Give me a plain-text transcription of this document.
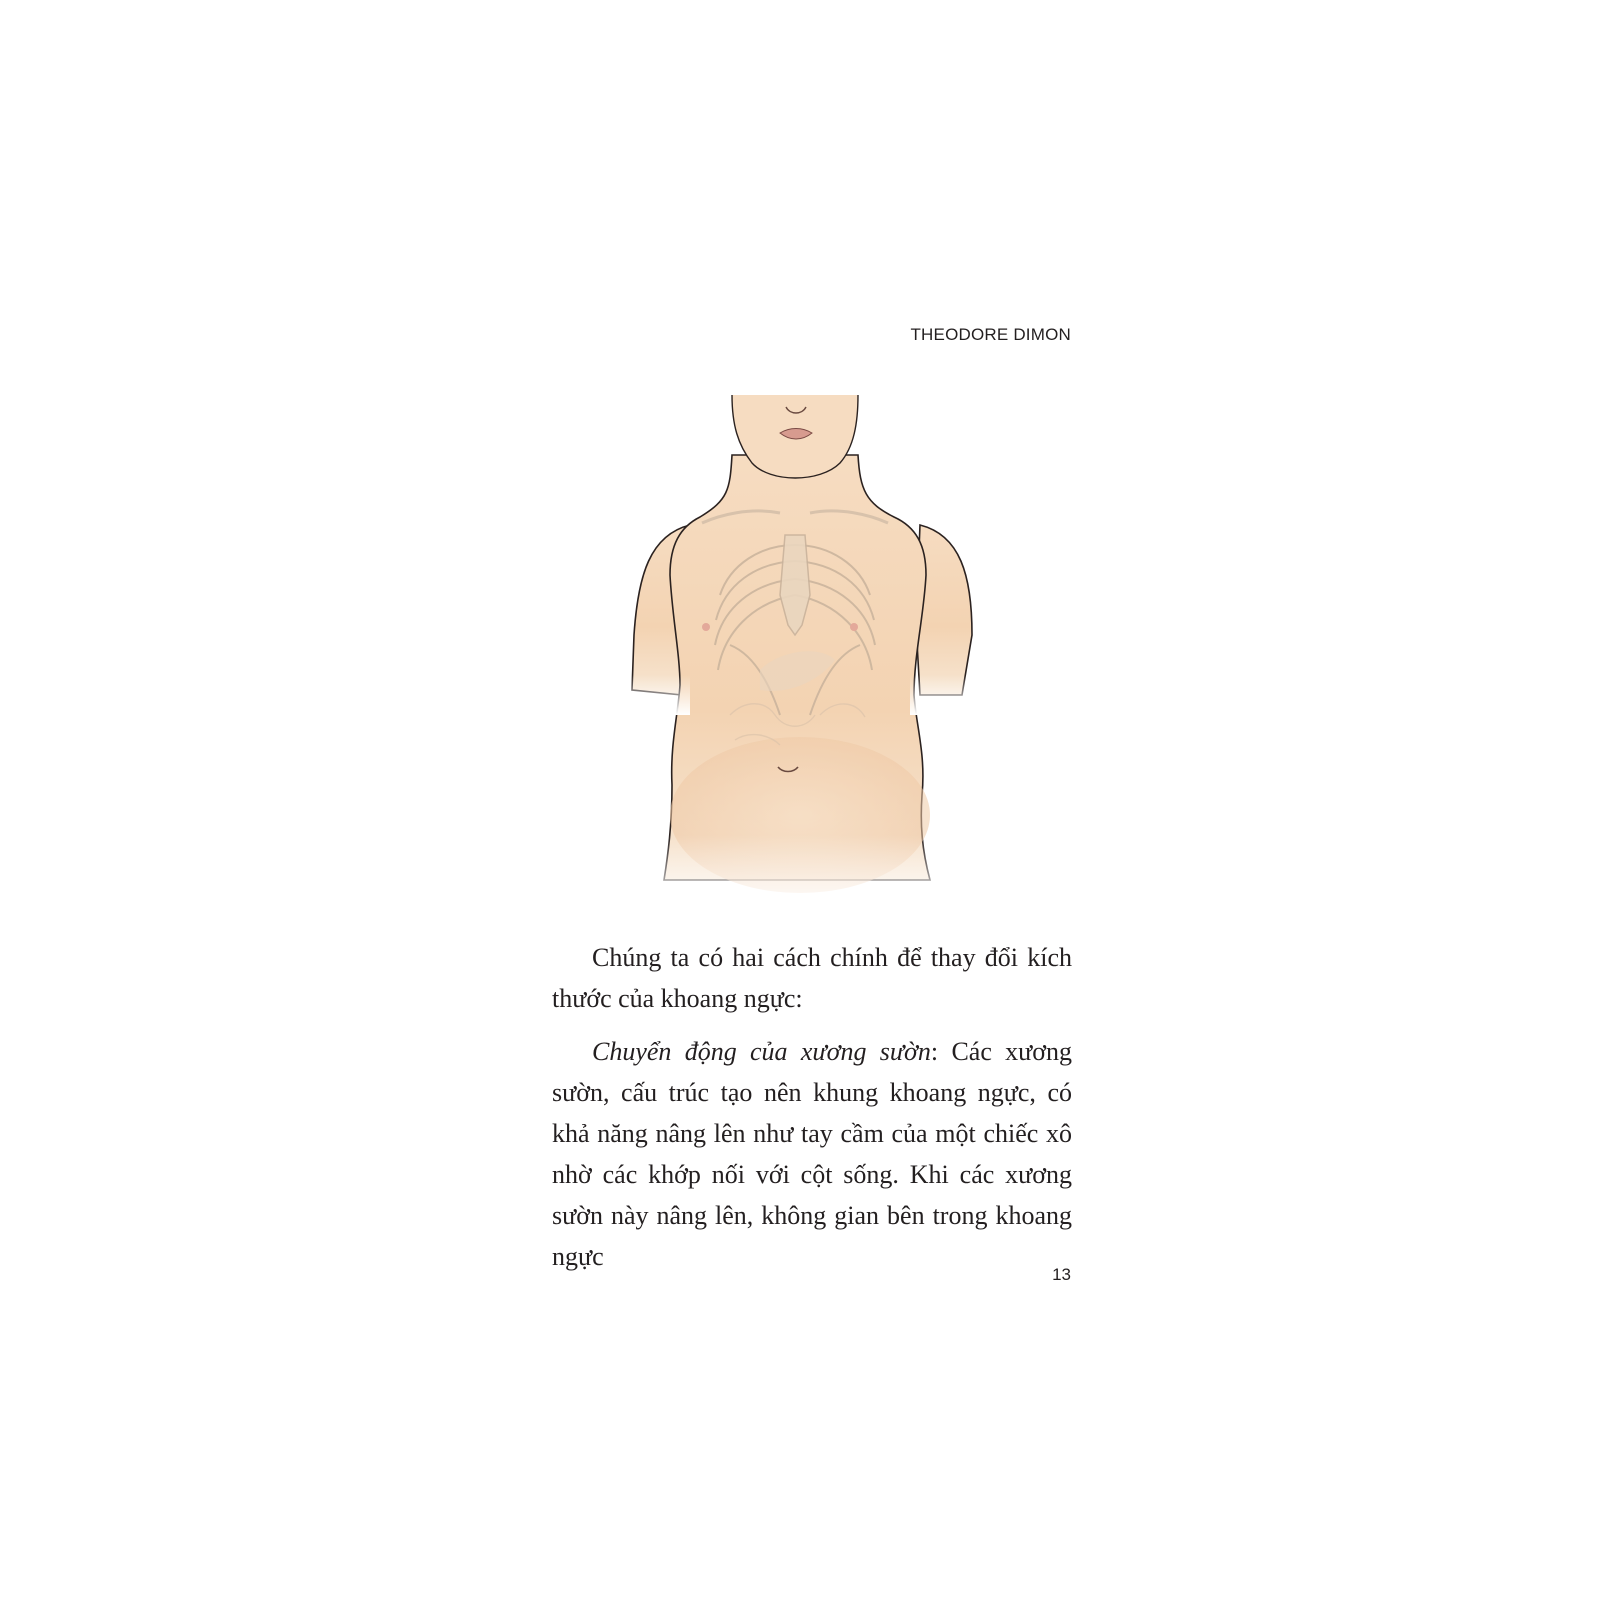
THEODORE DIMON

Chúng ta có hai cách chính để thay đổi kích thước của khoang ngực:

Chuyển động của xương sườn: Các xương sườn, cấu trúc tạo nên khung khoang ngực, có khả năng nâng lên như tay cầm của một chiếc xô nhờ các khớp nối với cột sống. Khi các xương sườn này nâng lên, không gian bên trong khoang ngực

13
